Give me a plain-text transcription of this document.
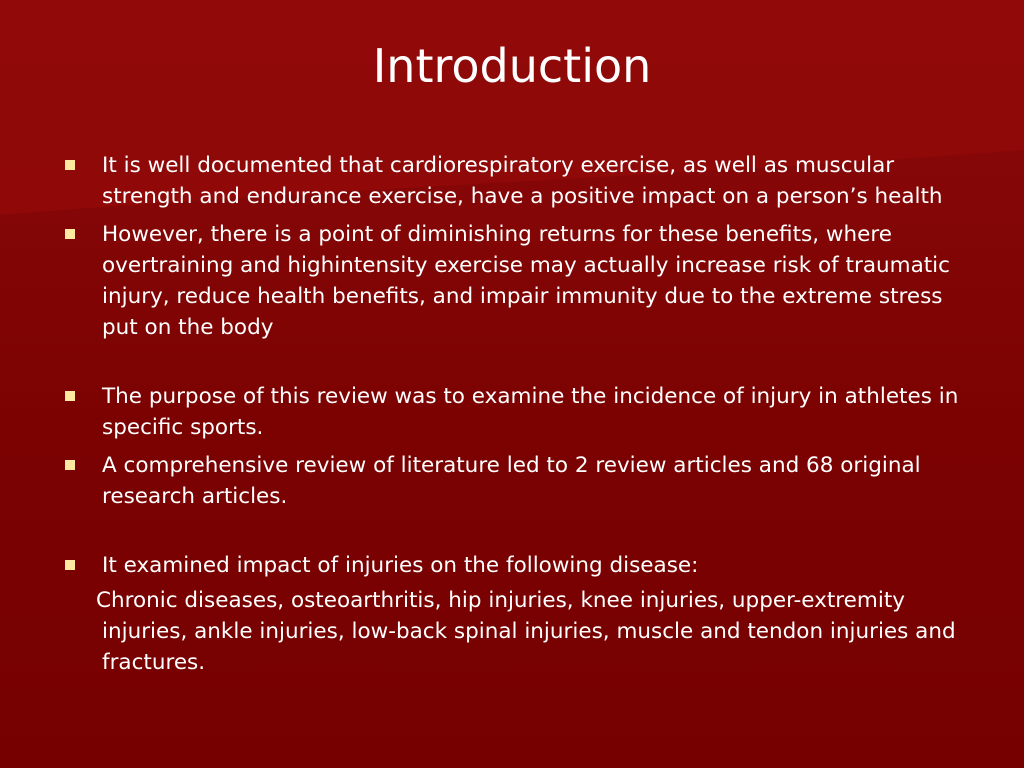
Introduction

It is well documented that cardiorespiratory exercise, as well as muscular strength and endurance exercise, have a positive impact on a person’s health

However, there is a point of diminishing returns for these benefits, where overtraining and highintensity exercise may actually increase risk of traumatic injury, reduce health benefits, and impair immunity due to the extreme stress put on the body

The purpose of this review was to examine the incidence of injury in athletes in specific sports.

A comprehensive review of literature led to 2 review articles and 68 original research articles.

It examined impact of injuries on the following disease:

Chronic diseases, osteoarthritis, hip injuries, knee injuries, upper-extremity injuries, ankle injuries, low-back spinal injuries, muscle and tendon injuries and fractures.
